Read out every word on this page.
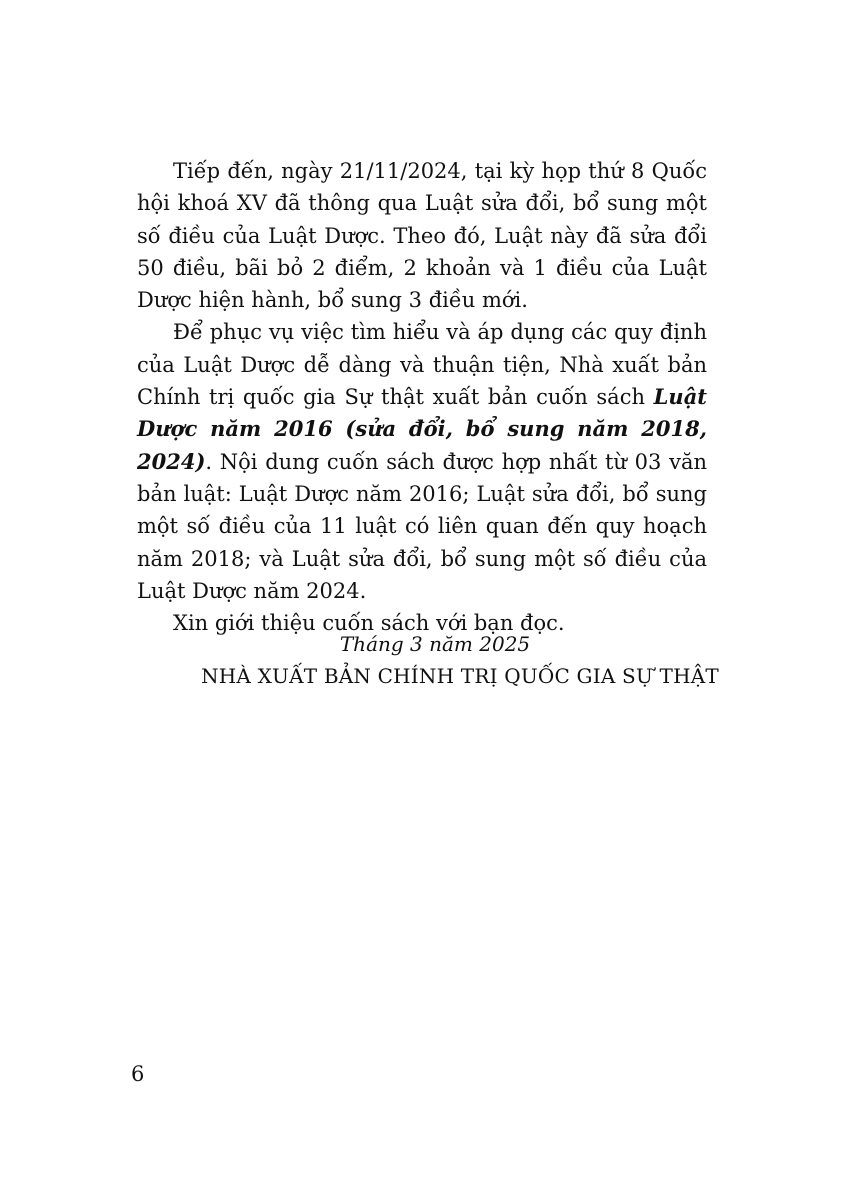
Tiếp đến, ngày 21/11/2024, tại kỳ họp thứ 8 Quốc hội khoá XV đã thông qua Luật sửa đổi, bổ sung một số điều của Luật Dược. Theo đó, Luật này đã sửa đổi 50 điều, bãi bỏ 2 điểm, 2 khoản và 1 điều của Luật Dược hiện hành, bổ sung 3 điều mới.

Để phục vụ việc tìm hiểu và áp dụng các quy định của Luật Dược dễ dàng và thuận tiện, Nhà xuất bản Chính trị quốc gia Sự thật xuất bản cuốn sách Luật Dược năm 2016 (sửa đổi, bổ sung năm 2018, 2024). Nội dung cuốn sách được hợp nhất từ 03 văn bản luật: Luật Dược năm 2016; Luật sửa đổi, bổ sung một số điều của 11 luật có liên quan đến quy hoạch năm 2018; và Luật sửa đổi, bổ sung một số điều của Luật Dược năm 2024.

Xin giới thiệu cuốn sách với bạn đọc.

Tháng 3 năm 2025
NHÀ XUẤT BẢN CHÍNH TRỊ QUỐC GIA SỰ THẬT
6
